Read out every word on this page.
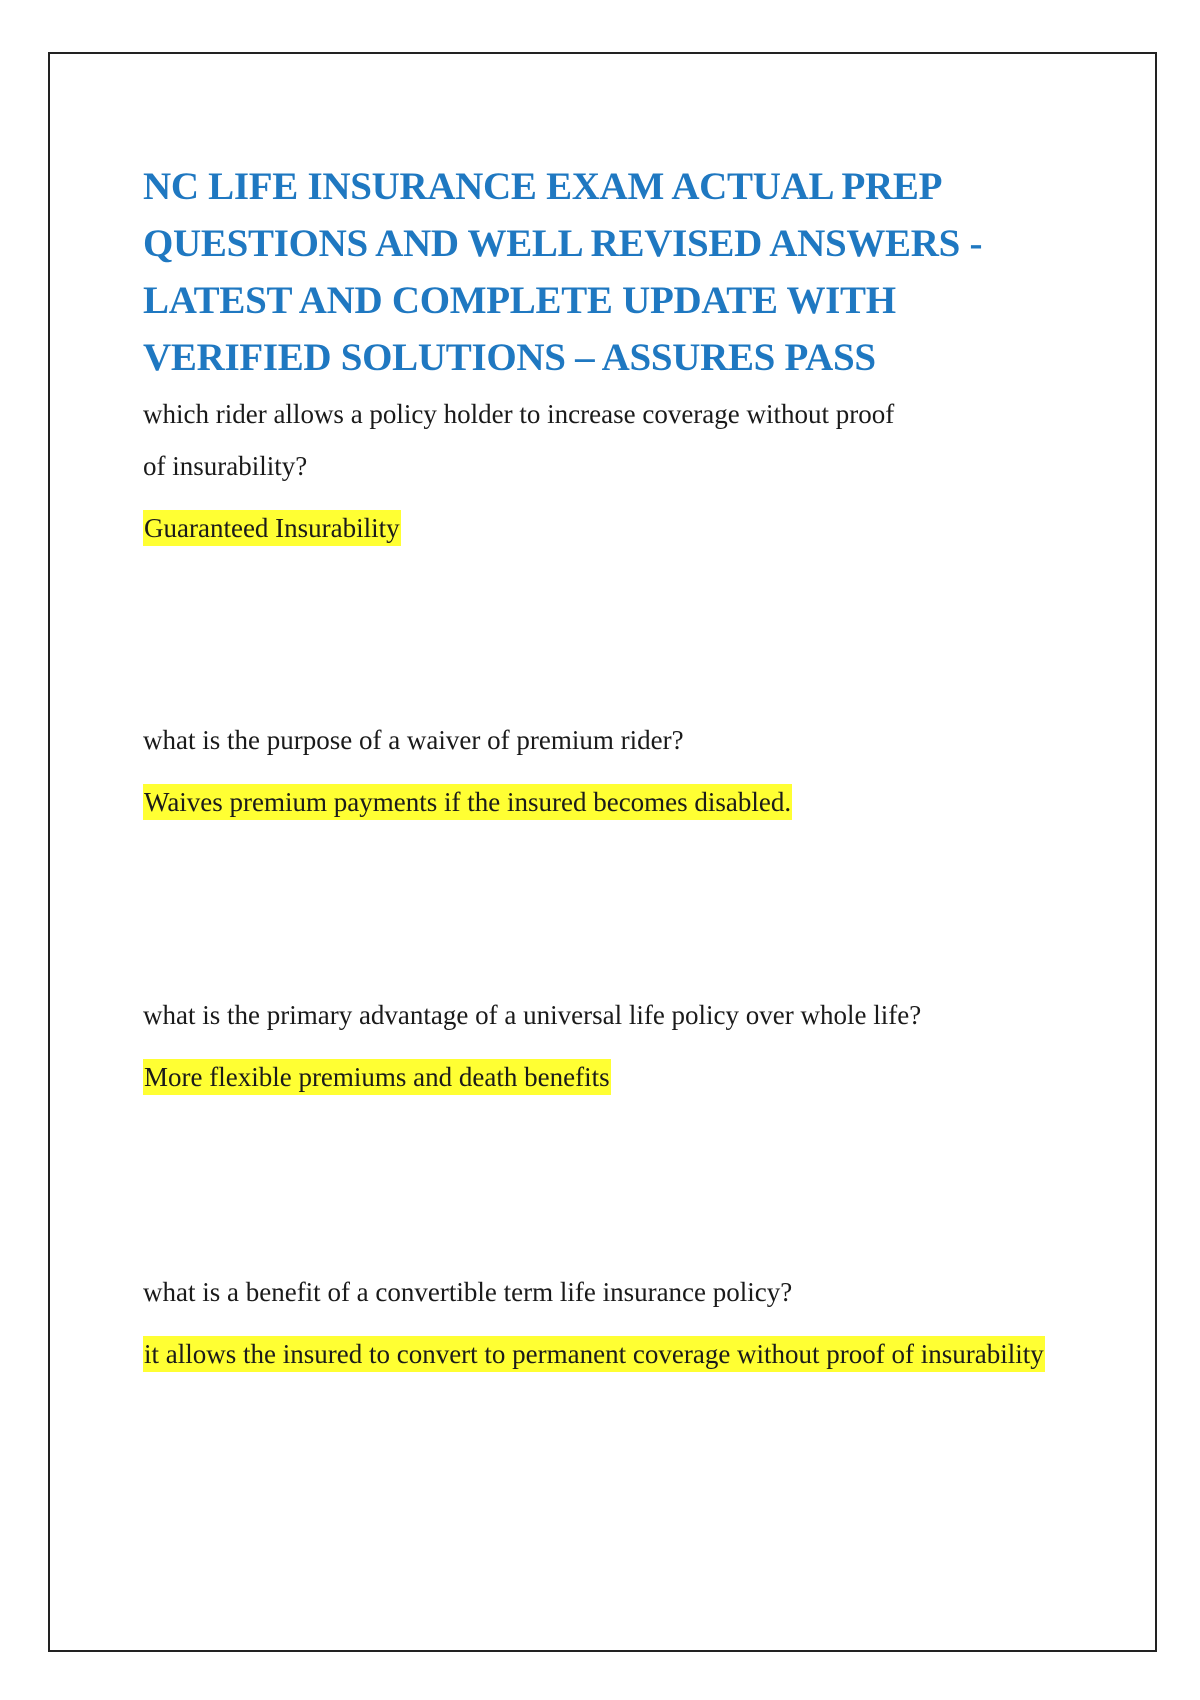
NC LIFE INSURANCE EXAM ACTUAL PREP
QUESTIONS AND WELL REVISED ANSWERS -
LATEST AND COMPLETE UPDATE WITH
VERIFIED SOLUTIONS – ASSURES PASS

which rider allows a policy holder to increase coverage without proof of insurability?

Guaranteed Insurability

what is the purpose of a waiver of premium rider?

Waives premium payments if the insured becomes disabled.

what is the primary advantage of a universal life policy over whole life?

More flexible premiums and death benefits

what is a benefit of a convertible term life insurance policy?

it allows the insured to convert to permanent coverage without proof of insurability
